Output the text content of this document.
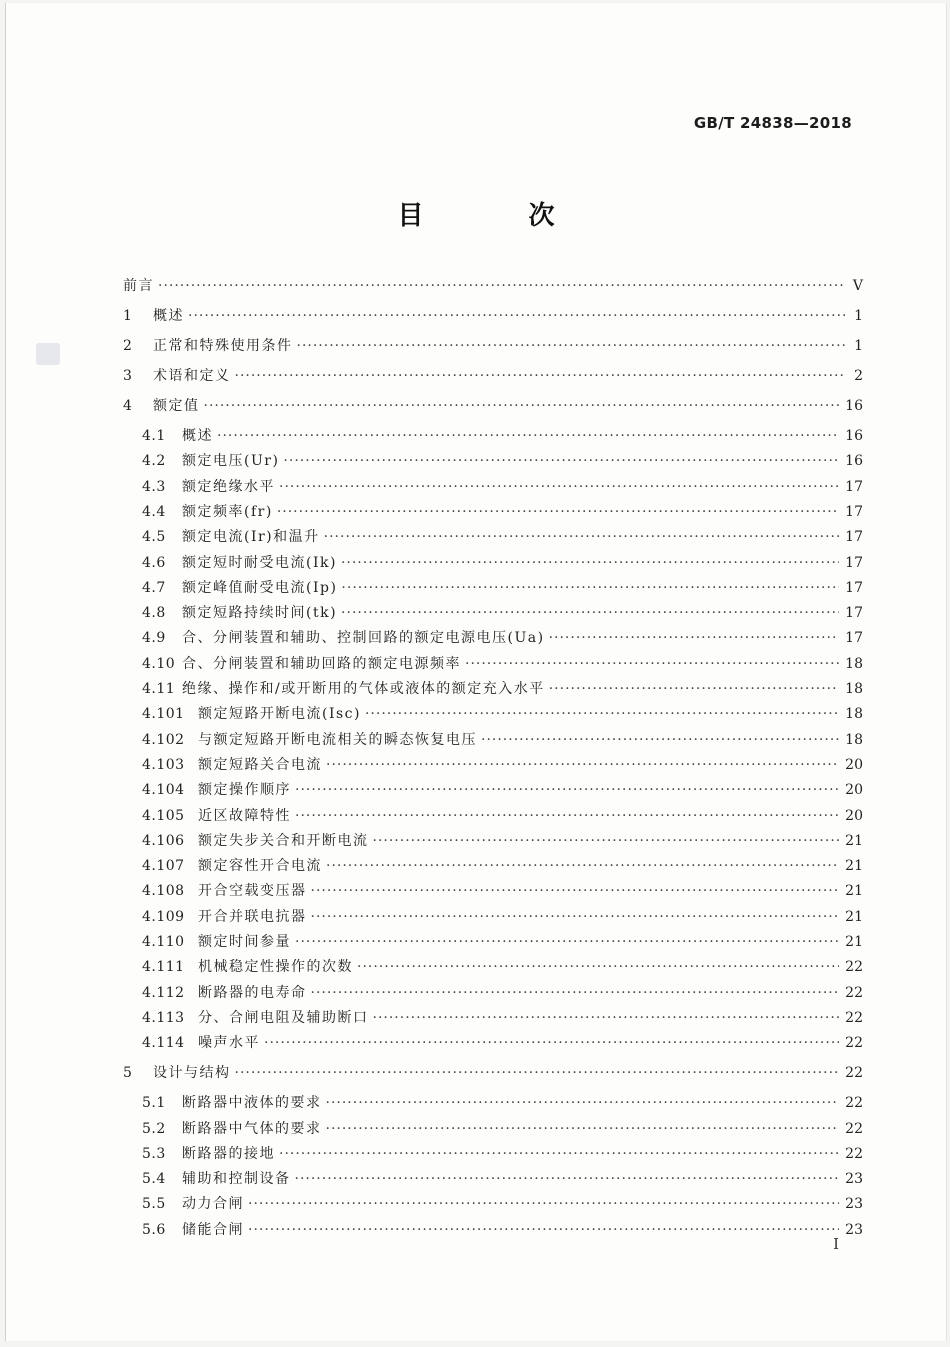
GB/T 24838—2018
目 次
前言 ·····	Ⅴ
1	概述 ·····	1
2	正常和特殊使用条件 ·····	1
3	术语和定义 ·····	2
4	额定值 ·····	16
4.1	概述 ·····	16
4.2	额定电压(Ur) ·····	16
4.3	额定绝缘水平 ·····	17
4.4	额定频率(fr) ·····	17
4.5	额定电流(Ir)和温升 ·····	17
4.6	额定短时耐受电流(Ik) ·····	17
4.7	额定峰值耐受电流(Ip) ·····	17
4.8	额定短路持续时间(tk) ·····	17
4.9	合、分闸装置和辅助、控制回路的额定电源电压(Ua) ·····	17
4.10 合、分闸装置和辅助回路的额定电源频率 ·····	18
4.11 绝缘、操作和/或开断用的气体或液体的额定充入水平 ·····	18
4.101 额定短路开断电流(Isc) ·····	18
4.102 与额定短路开断电流相关的瞬态恢复电压 ·····	18
4.103 额定短路关合电流 ·····	20
4.104 额定操作顺序 ·····	20
4.105 近区故障特性 ·····	20
4.106 额定失步关合和开断电流 ·····	21
4.107 额定容性开合电流 ·····	21
4.108 开合空载变压器 ·····	21
4.109 开合并联电抗器 ·····	21
4.110 额定时间参量 ·····	21
4.111 机械稳定性操作的次数 ·····	22
4.112 断路器的电寿命 ·····	22
4.113 分、合闸电阻及辅助断口 ·····	22
4.114 噪声水平 ·····	22
5	设计与结构 ·····	22
5.1	断路器中液体的要求 ·····	22
5.2	断路器中气体的要求 ·····	22
5.3	断路器的接地 ·····	22
5.4	辅助和控制设备 ·····	23
5.5	动力合闸 ·····	23
5.6	储能合闸 ·····	23
I
